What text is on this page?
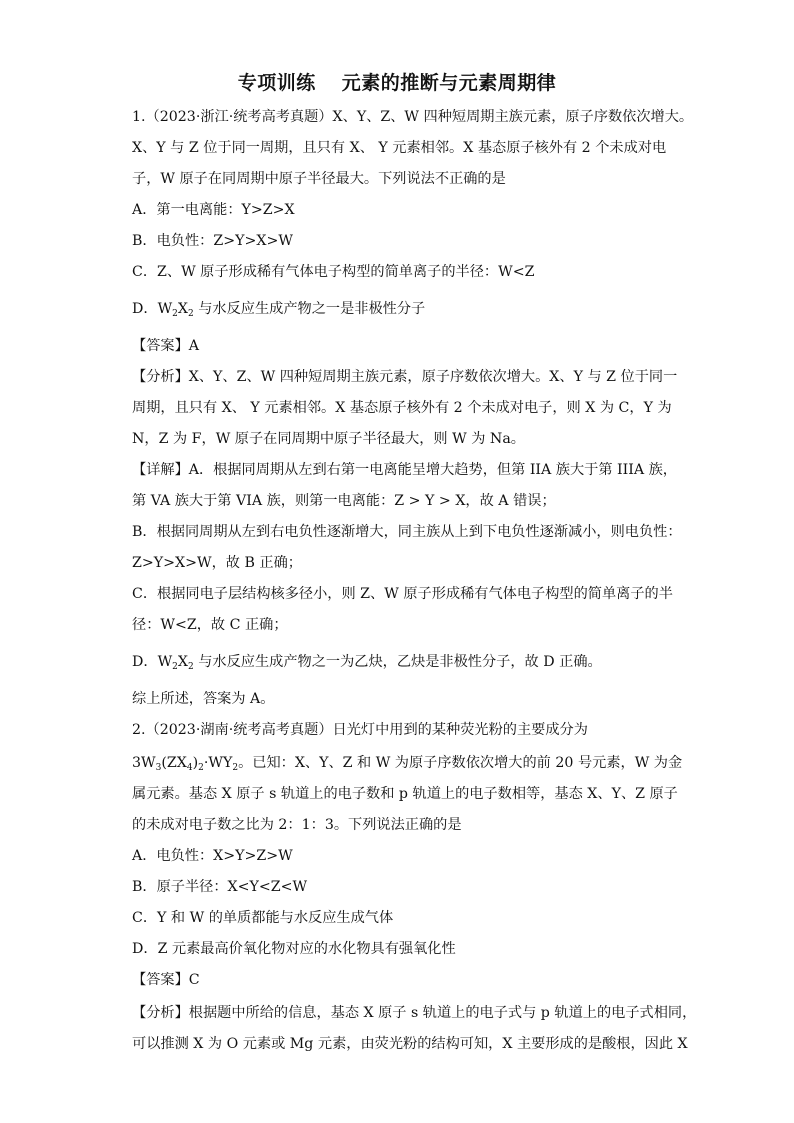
专项训练 元素的推断与元素周期律
1.（2023·浙江·统考高考真题）X、Y、Z、W 四种短周期主族元素，原子序数依次增大。
X、Y 与 Z 位于同一周期，且只有 X、 Y 元素相邻。X 基态原子核外有 2 个未成对电
子，W 原子在同周期中原子半径最大。下列说法不正确的是
A．第一电离能：Y>Z>X
B．电负性：Z>Y>X>W
C．Z、W 原子形成稀有气体电子构型的简单离子的半径：W<Z
D．$W_2X_2$ 与水反应生成产物之一是非极性分子
【答案】A
【分析】X、Y、Z、W 四种短周期主族元素，原子序数依次增大。X、Y 与 Z 位于同一
周期，且只有 X、 Y 元素相邻。X 基态原子核外有 2 个未成对电子，则 X 为 C，Y 为
N，Z 为 F，W 原子在同周期中原子半径最大，则 W 为 Na。
【详解】A．根据同周期从左到右第一电离能呈增大趋势，但第 IIA 族大于第 IIIA 族，
第 VA 族大于第 VIA 族，则第一电离能：Z > Y > X，故 A 错误；
B．根据同周期从左到右电负性逐渐增大，同主族从上到下电负性逐渐减小，则电负性：
Z>Y>X>W，故 B 正确；
C．根据同电子层结构核多径小，则 Z、W 原子形成稀有气体电子构型的简单离子的半
径：W<Z，故 C 正确；
D．$W_2X_2$ 与水反应生成产物之一为乙炔，乙炔是非极性分子，故 D 正确。
综上所述，答案为 A。
2.（2023·湖南·统考高考真题）日光灯中用到的某种荧光粉的主要成分为
$3W_3(ZX_4)_2\cdot WY_2$。已知：X、Y、Z 和 W 为原子序数依次增大的前 20 号元素，W 为金
属元素。基态 X 原子 s 轨道上的电子数和 p 轨道上的电子数相等，基态 X、Y、Z 原子
的未成对电子数之比为 2：1：3。下列说法正确的是
A．电负性：X>Y>Z>W
B．原子半径：X<Y<Z<W
C．Y 和 W 的单质都能与水反应生成气体
D．Z 元素最高价氧化物对应的水化物具有强氧化性
【答案】C
【分析】根据题中所给的信息，基态 X 原子 s 轨道上的电子式与 p 轨道上的电子式相同，
可以推测 X 为 O 元素或 Mg 元素，由荧光粉的结构可知，X 主要形成的是酸根，因此 X
